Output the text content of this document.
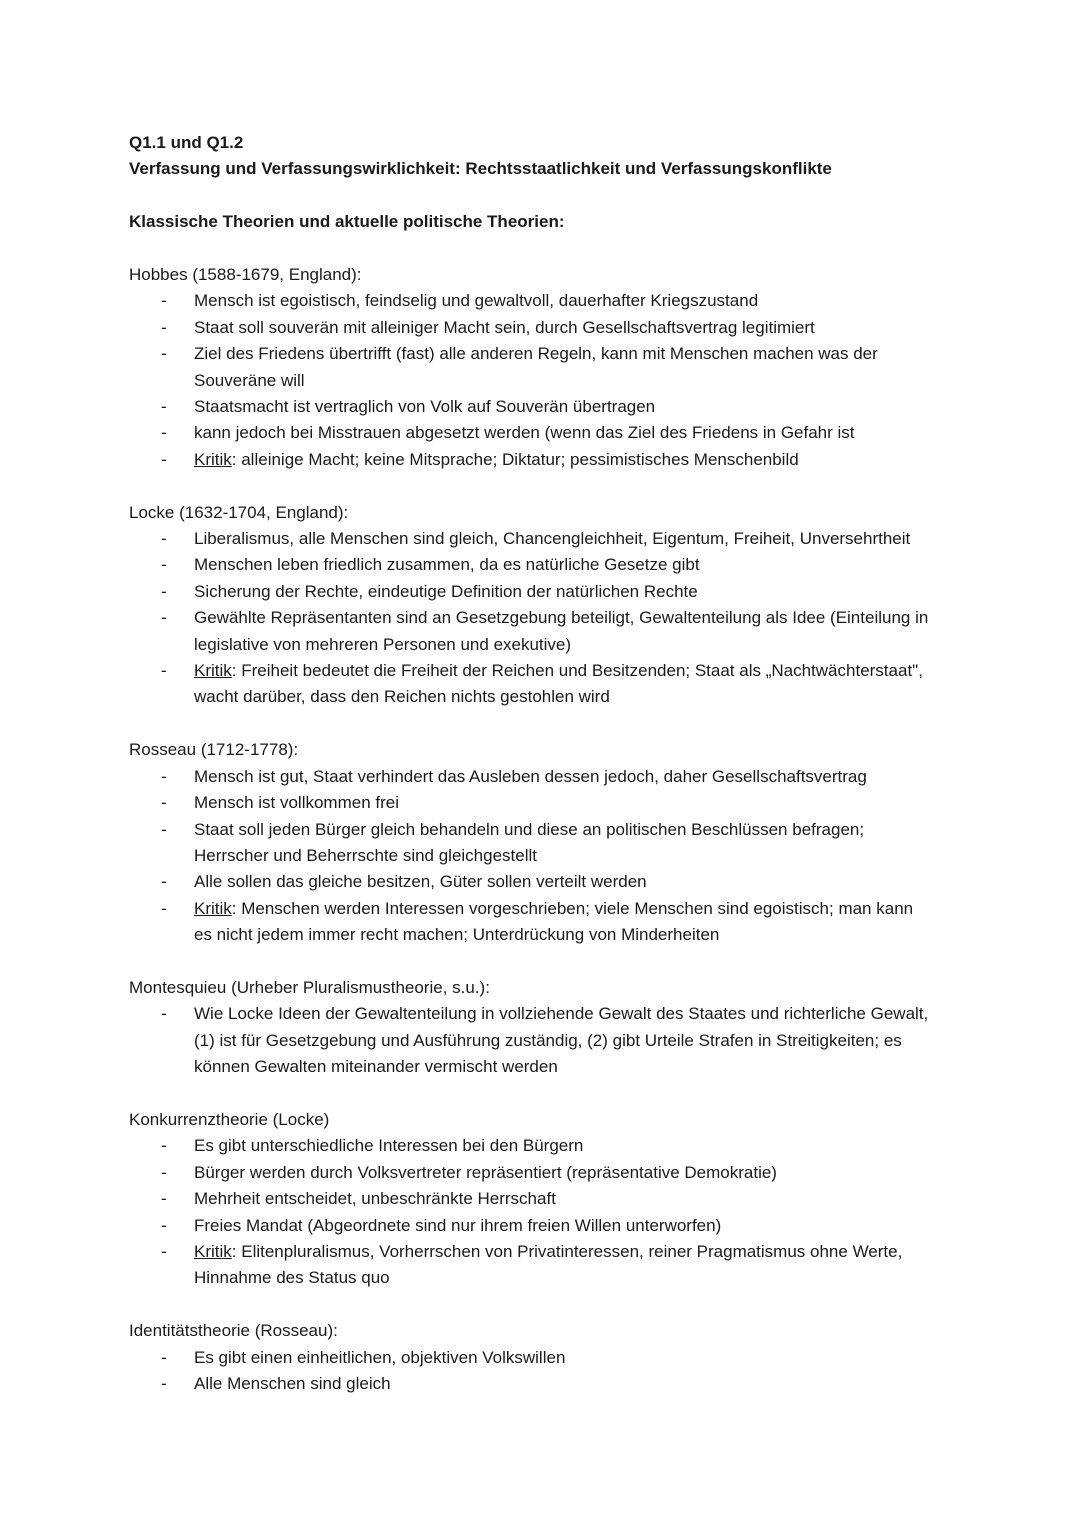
Q1.1 und Q1.2
Verfassung und Verfassungswirklichkeit: Rechtsstaatlichkeit und Verfassungskonflikte
Klassische Theorien und aktuelle politische Theorien:
Hobbes (1588-1679, England):
- Mensch ist egoistisch, feindselig und gewaltvoll, dauerhafter Kriegszustand
- Staat soll souverän mit alleiniger Macht sein, durch Gesellschaftsvertrag legitimiert
- Ziel des Friedens übertrifft (fast) alle anderen Regeln, kann mit Menschen machen was der Souveräne will
- Staatsmacht ist vertraglich von Volk auf Souverän übertragen
- kann jedoch bei Misstrauen abgesetzt werden (wenn das Ziel des Friedens in Gefahr ist
- Kritik: alleinige Macht; keine Mitsprache; Diktatur; pessimistisches Menschenbild
Locke (1632-1704, England):
- Liberalismus, alle Menschen sind gleich, Chancengleichheit, Eigentum, Freiheit, Unversehrtheit
- Menschen leben friedlich zusammen, da es natürliche Gesetze gibt
- Sicherung der Rechte, eindeutige Definition der natürlichen Rechte
- Gewählte Repräsentanten sind an Gesetzgebung beteiligt, Gewaltenteilung als Idee (Einteilung in legislative von mehreren Personen und exekutive)
- Kritik: Freiheit bedeutet die Freiheit der Reichen und Besitzenden; Staat als „Nachtwächterstaat", wacht darüber, dass den Reichen nichts gestohlen wird
Rosseau (1712-1778):
- Mensch ist gut, Staat verhindert das Ausleben dessen jedoch, daher Gesellschaftsvertrag
- Mensch ist vollkommen frei
- Staat soll jeden Bürger gleich behandeln und diese an politischen Beschlüssen befragen; Herrscher und Beherrschte sind gleichgestellt
- Alle sollen das gleiche besitzen, Güter sollen verteilt werden
- Kritik: Menschen werden Interessen vorgeschrieben; viele Menschen sind egoistisch; man kann es nicht jedem immer recht machen; Unterdrückung von Minderheiten
Montesquieu (Urheber Pluralismustheorie, s.u.):
- Wie Locke Ideen der Gewaltenteilung in vollziehende Gewalt des Staates und richterliche Gewalt, (1) ist für Gesetzgebung und Ausführung zuständig, (2) gibt Urteile Strafen in Streitigkeiten; es können Gewalten miteinander vermischt werden
Konkurrenztheorie (Locke)
- Es gibt unterschiedliche Interessen bei den Bürgern
- Bürger werden durch Volksvertreter repräsentiert (repräsentative Demokratie)
- Mehrheit entscheidet, unbeschränkte Herrschaft
- Freies Mandat (Abgeordnete sind nur ihrem freien Willen unterworfen)
- Kritik: Elitenpluralismus, Vorherrschen von Privatinteressen, reiner Pragmatismus ohne Werte, Hinnahme des Status quo
Identitätstheorie (Rosseau):
- Es gibt einen einheitlichen, objektiven Volkswillen
- Alle Menschen sind gleich
